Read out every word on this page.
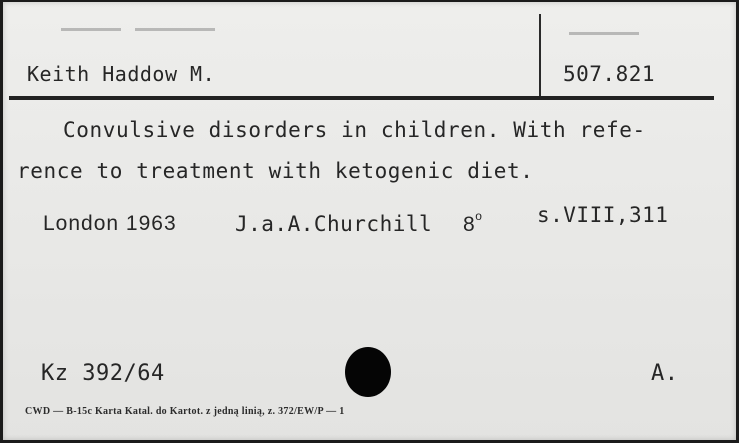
Keith Haddow M.	507.821
Convulsive disorders in children. With refe-
rence to treatment with ketogenic diet.
London 1963	J.a.A.Churchill 8$^o$	s.VIII,311
Kz 392/64	A.
CWD — B-15c Karta Katal. do Kartot. z jedną linią, z. 372/EW/P — 1
